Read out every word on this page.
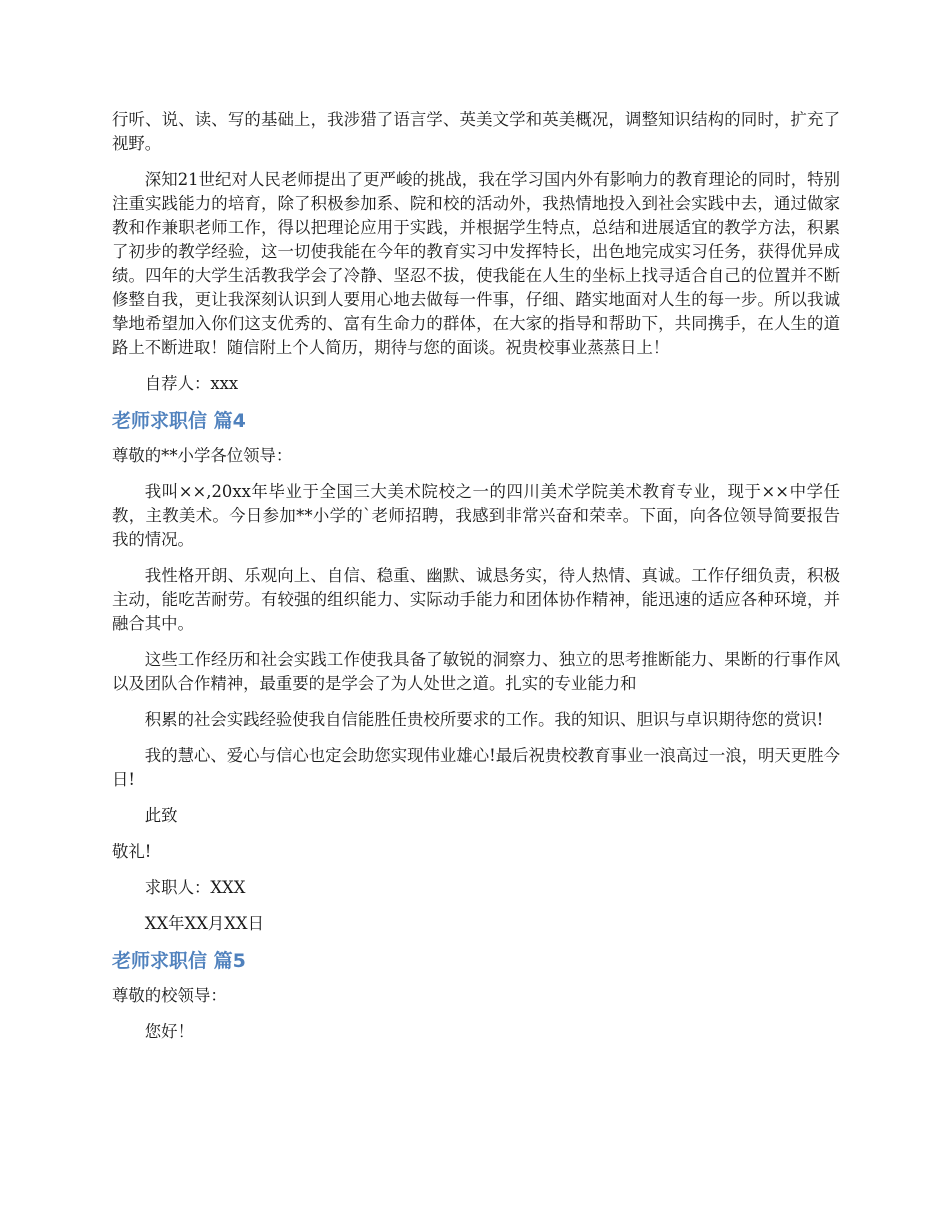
行听、说、读、写的基础上，我涉猎了语言学、英美文学和英美概况，调整知识结构的同时，扩充了视野。

深知21世纪对人民老师提出了更严峻的挑战，我在学习国内外有影响力的教育理论的同时，特别注重实践能力的培育，除了积极参加系、院和校的活动外，我热情地投入到社会实践中去，通过做家教和作兼职老师工作，得以把理论应用于实践，并根据学生特点，总结和进展适宜的教学方法，积累了初步的教学经验，这一切使我能在今年的教育实习中发挥特长，出色地完成实习任务，获得优异成绩。四年的大学生活教我学会了冷静、坚忍不拔，使我能在人生的坐标上找寻适合自己的位置并不断修整自我，更让我深刻认识到人要用心地去做每一件事，仔细、踏实地面对人生的每一步。所以我诚挚地希望加入你们这支优秀的、富有生命力的群体，在大家的指导和帮助下，共同携手，在人生的道路上不断进取！随信附上个人简历，期待与您的面谈。祝贵校事业蒸蒸日上！

自荐人：xxx

老师求职信 篇4

尊敬的**小学各位领导：

我叫××,20xx年毕业于全国三大美术院校之一的四川美术学院美术教育专业，现于××中学任教，主教美术。今日参加**小学的`老师招聘，我感到非常兴奋和荣幸。下面，向各位领导简要报告我的情况。

我性格开朗、乐观向上、自信、稳重、幽默、诚恳务实，待人热情、真诚。工作仔细负责，积极主动，能吃苦耐劳。有较强的组织能力、实际动手能力和团体协作精神，能迅速的适应各种环境，并融合其中。

这些工作经历和社会实践工作使我具备了敏锐的洞察力、独立的思考推断能力、果断的行事作风以及团队合作精神，最重要的是学会了为人处世之道。扎实的专业能力和

积累的社会实践经验使我自信能胜任贵校所要求的工作。我的知识、胆识与卓识期待您的赏识!

我的慧心、爱心与信心也定会助您实现伟业雄心!最后祝贵校教育事业一浪高过一浪，明天更胜今日!

此致

敬礼!

求职人：XXX

XX年XX月XX日

老师求职信 篇5

尊敬的校领导：

您好！
